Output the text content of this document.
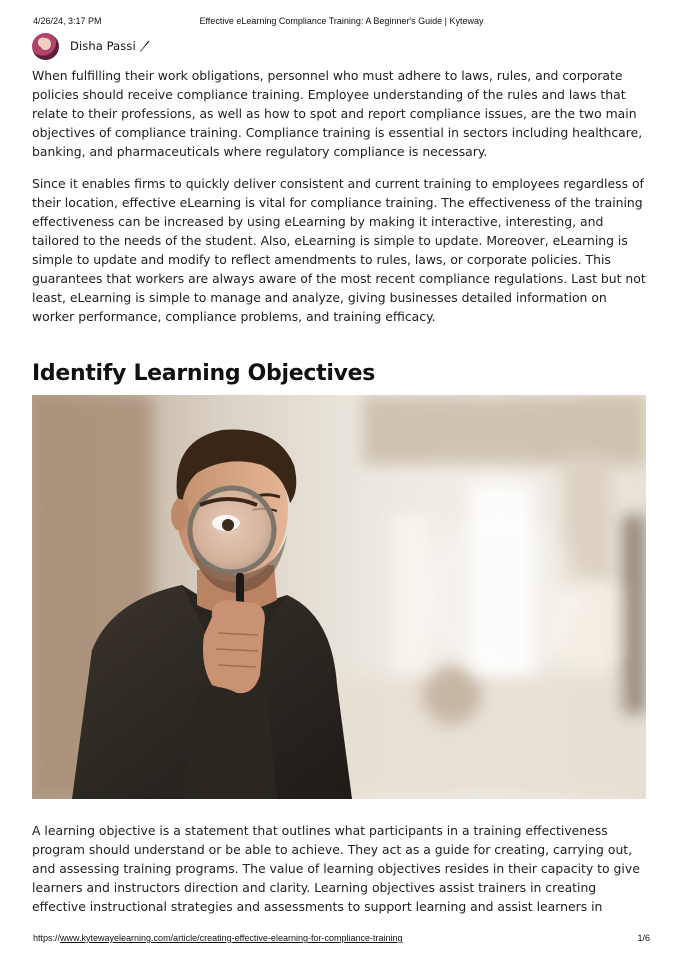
4/26/24, 3:17 PM	Effective eLearning Compliance Training: A Beginner's Guide | Kyteway
Disha Passi

When fulfilling their work obligations, personnel who must adhere to laws, rules, and corporate policies should receive compliance training. Employee understanding of the rules and laws that relate to their professions, as well as how to spot and report compliance issues, are the two main objectives of compliance training. Compliance training is essential in sectors including healthcare, banking, and pharmaceuticals where regulatory compliance is necessary.

Since it enables firms to quickly deliver consistent and current training to employees regardless of their location, effective eLearning is vital for compliance training. The effectiveness of the training effectiveness can be increased by using eLearning by making it interactive, interesting, and tailored to the needs of the student. Also, eLearning is simple to update. Moreover, eLearning is simple to update and modify to reflect amendments to rules, laws, or corporate policies. This guarantees that workers are always aware of the most recent compliance regulations. Last but not least, eLearning is simple to manage and analyze, giving businesses detailed information on worker performance, compliance problems, and training efficacy.

Identify Learning Objectives

A learning objective is a statement that outlines what participants in a training effectiveness program should understand or be able to achieve. They act as a guide for creating, carrying out, and assessing training programs. The value of learning objectives resides in their capacity to give learners and instructors direction and clarity. Learning objectives assist trainers in creating effective instructional strategies and assessments to support learning and assist learners in

https://www.kytewayelearning.com/article/creating-effective-elearning-for-compliance-training	1/6
